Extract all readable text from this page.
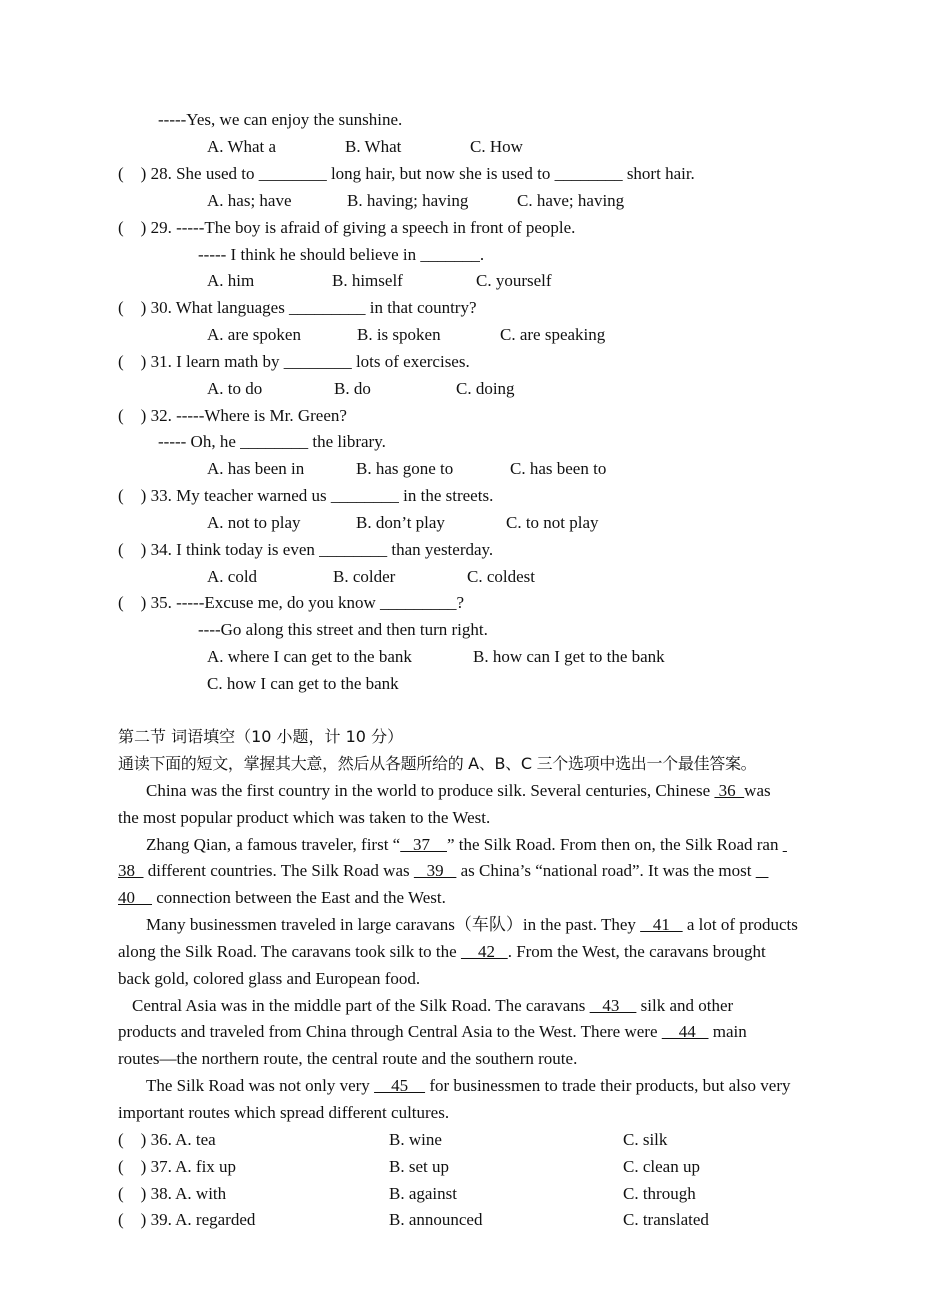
-----Yes, we can enjoy the sunshine.
A. What a	B. What	C. How
(    ) 28. She used to ________ long hair, but now she is used to ________ short hair.
A. has; have	B. having; having	C. have; having
(    ) 29. -----The boy is afraid of giving a speech in front of people.
----- I think he should believe in _______.
A. him	B. himself	C. yourself
(    ) 30. What languages _________ in that country?
A. are spoken	B. is spoken	C. are speaking
(    ) 31. I learn math by ________ lots of exercises.
A. to do	B. do	C. doing
(    ) 32. -----Where is Mr. Green?
----- Oh, he ________ the library.
A. has been in	B. has gone to	C. has been to
(    ) 33. My teacher warned us ________ in the streets.
A. not to play	B. don’t play	C. to not play
(    ) 34. I think today is even ________ than yesterday.
A. cold	B. colder	C. coldest
(    ) 35. -----Excuse me, do you know _________?
----Go along this street and then turn right.
A. where I can get to the bank	B. how can I get to the bank
C. how I can get to the bank
第二节 词语填空（10 小题，计 10 分）
通读下面的短文，掌握其大意，然后从各题所给的 A、B、C 三个选项中选出一个最佳答案。
China was the first country in the world to produce silk. Several centuries, Chinese  36  was
the most popular product which was taken to the West.
Zhang Qian, a famous traveler, first “   37    ” the Silk Road. From then on, the Silk Road ran
38   different countries. The Silk Road was    39    as China’s “national road”. It was the most
40     connection between the East and the West.
Many businessmen traveled in large caravans（车队）in the past. They    41    a lot of products
along the Silk Road. The caravans took silk to the     42   . From the West, the caravans brought
back gold, colored glass and European food.
Central Asia was in the middle part of the Silk Road. The caravans    43     silk and other
products and traveled from China through Central Asia to the West. There were     44    main
routes—the northern route, the central route and the southern route.
The Silk Road was not only very     45     for businessmen to trade their products, but also very
important routes which spread different cultures.
(    ) 36. A. tea	B. wine	C. silk
(    ) 37. A. fix up	B. set up	C. clean up
(    ) 38. A. with	B. against	C. through
(    ) 39. A. regarded	B. announced	C. translated
